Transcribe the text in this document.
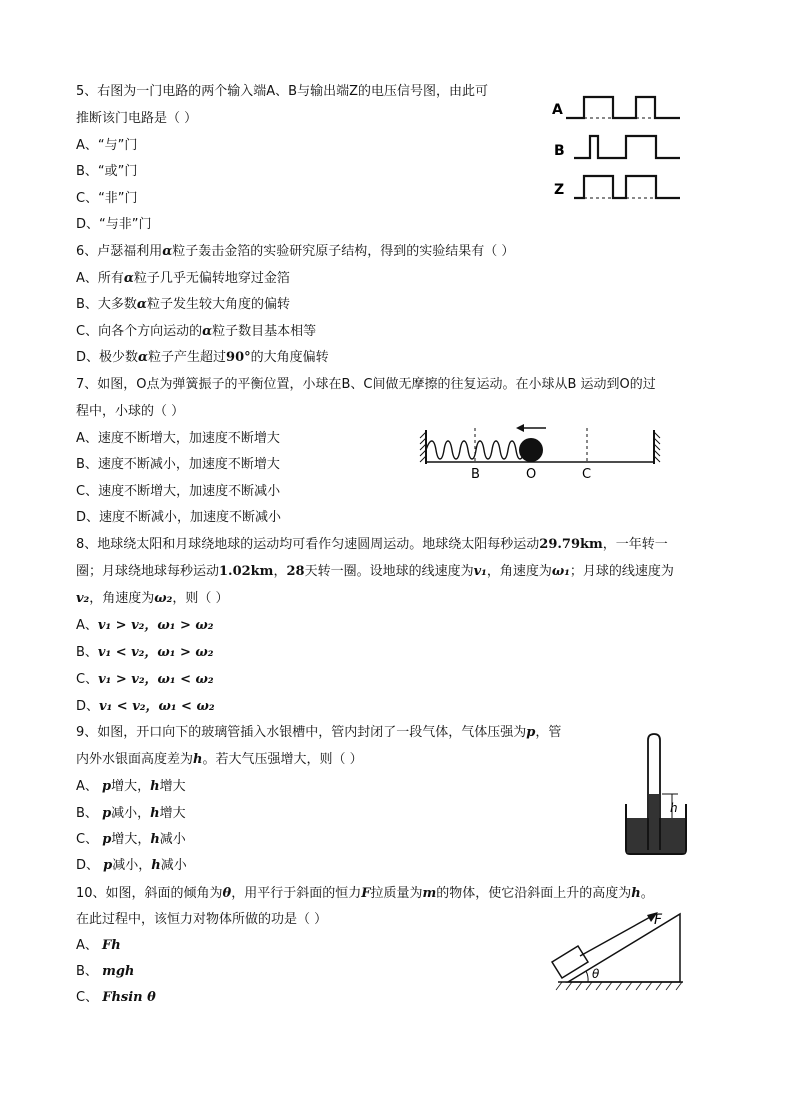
5、右图为一门电路的两个输入端A、B与输出端Z的电压信号图，由此可
推断该门电路是（ ）
A、“与”门
B、“或”门
C、“非”门
D、“与非”门
A
B
Z
6、卢瑟福利用α粒子轰击金箔的实验研究原子结构，得到的实验结果有（ ）
A、所有α粒子几乎无偏转地穿过金箔
B、大多数α粒子发生较大角度的偏转
C、向各个方向运动的α粒子数目基本相等
D、极少数α粒子产生超过90°的大角度偏转
7、如图，O点为弹簧振子的平衡位置，小球在B、C间做无摩擦的往复运动。在小球从B 运动到O的过
程中，小球的（ ）
A、速度不断增大，加速度不断增大
B、速度不断减小，加速度不断增大
C、速度不断增大，加速度不断减小
D、速度不断减小，加速度不断减小
B	O	C
8、地球绕太阳和月球绕地球的运动均可看作匀速圆周运动。地球绕太阳每秒运动29.79km，一年转一
圈；月球绕地球每秒运动1.02km，28天转一圈。设地球的线速度为v₁，角速度为ω₁；月球的线速度为
v₂，角速度为ω₂，则（ ）
A、v₁ > v₂，ω₁ > ω₂
B、v₁ < v₂，ω₁ > ω₂
C、v₁ > v₂，ω₁ < ω₂
D、v₁ < v₂，ω₁ < ω₂
9、如图，开口向下的玻璃管插入水银槽中，管内封闭了一段气体，气体压强为p，管
内外水银面高度差为h。若大气压强增大，则（ ）
A、 p增大，h增大
B、 p减小，h增大
C、 p增大，h减小
D、 p减小，h减小
h
10、如图，斜面的倾角为θ，用平行于斜面的恒力F拉质量为m的物体，使它沿斜面上升的高度为h。
在此过程中，该恒力对物体所做的功是（ ）
A、 Fh
B、 mgh
C、 Fhsin θ
F
θ
